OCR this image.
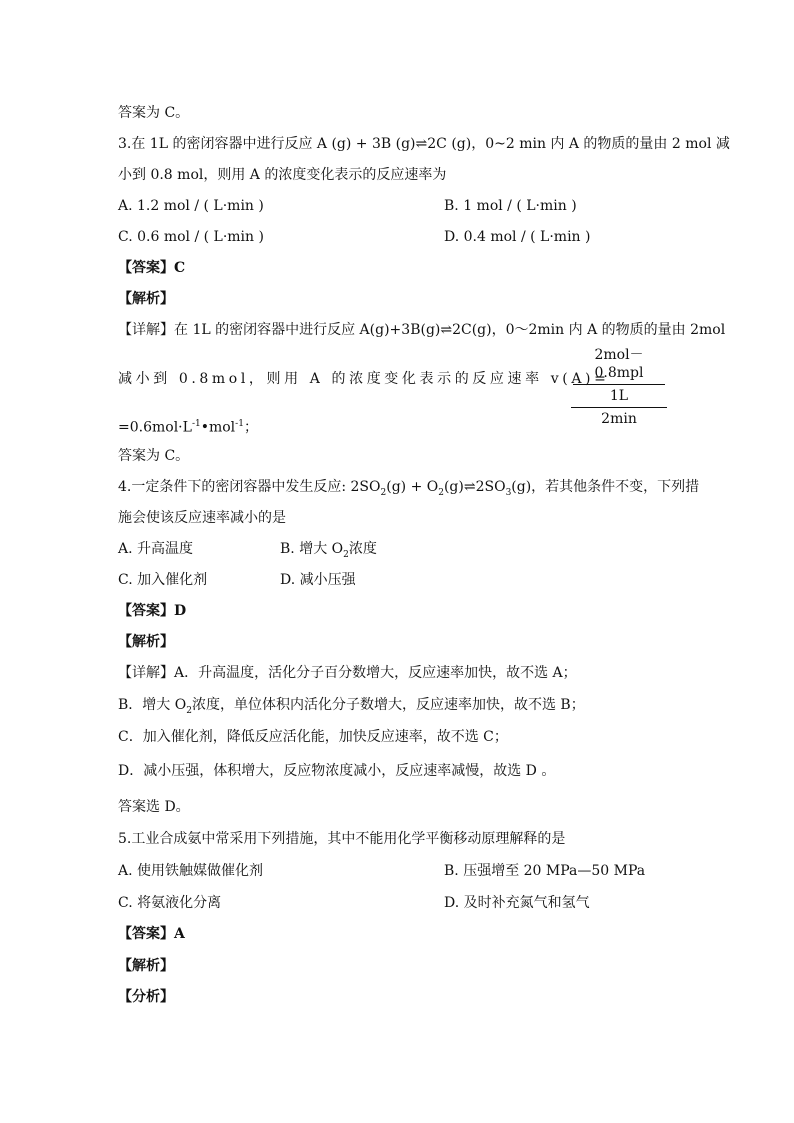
答案为 C。
3.在 1L 的密闭容器中进行反应 A (g) + 3B (g)⇌2C (g)，0~2 min 内 A 的物质的量由 2 mol 减
小到 0.8 mol，则用 A 的浓度变化表示的反应速率为
A. 1.2 mol / ( L·min )	B. 1 mol / ( L·min )
C. 0.6 mol / ( L·min )	D. 0.4 mol / ( L·min )
【答案】C
【解析】
【详解】在 1L 的密闭容器中进行反应 A(g)+3B(g)⇌2C(g)，0～2min 内 A 的物质的量由 2mol
减小到 0.8mol，则用 A 的浓度变化表示的反应速率 v(A)=
2mol－0.8mpl
1L
2min
$=0.6mol\cdot L^{-1}•mol^{-1}$；
答案为 C。
4.一定条件下的密闭容器中发生反应: $2SO_2(g)$ + $O_2(g)\rightleftharpoons 2SO_3(g)$，若其他条件不变，下列措
施会使该反应速率减小的是
A. 升高温度	B. 增大 $O_2$浓度
C. 加入催化剂	D. 减小压强
【答案】D
【解析】
【详解】A．升高温度，活化分子百分数增大，反应速率加快，故不选 A；
B．增大 $O_2$浓度，单位体积内活化分子数增大，反应速率加快，故不选 B；
C．加入催化剂，降低反应活化能，加快反应速率，故不选 C；
D．减小压强，体积增大，反应物浓度减小，反应速率减慢，故选 D 。
答案选 D。
5.工业合成氨中常采用下列措施，其中不能用化学平衡移动原理解释的是
A. 使用铁触媒做催化剂	B. 压强增至 20 MPa—50 MPa
C. 将氨液化分离	D. 及时补充氮气和氢气
【答案】A
【解析】
【分析】
